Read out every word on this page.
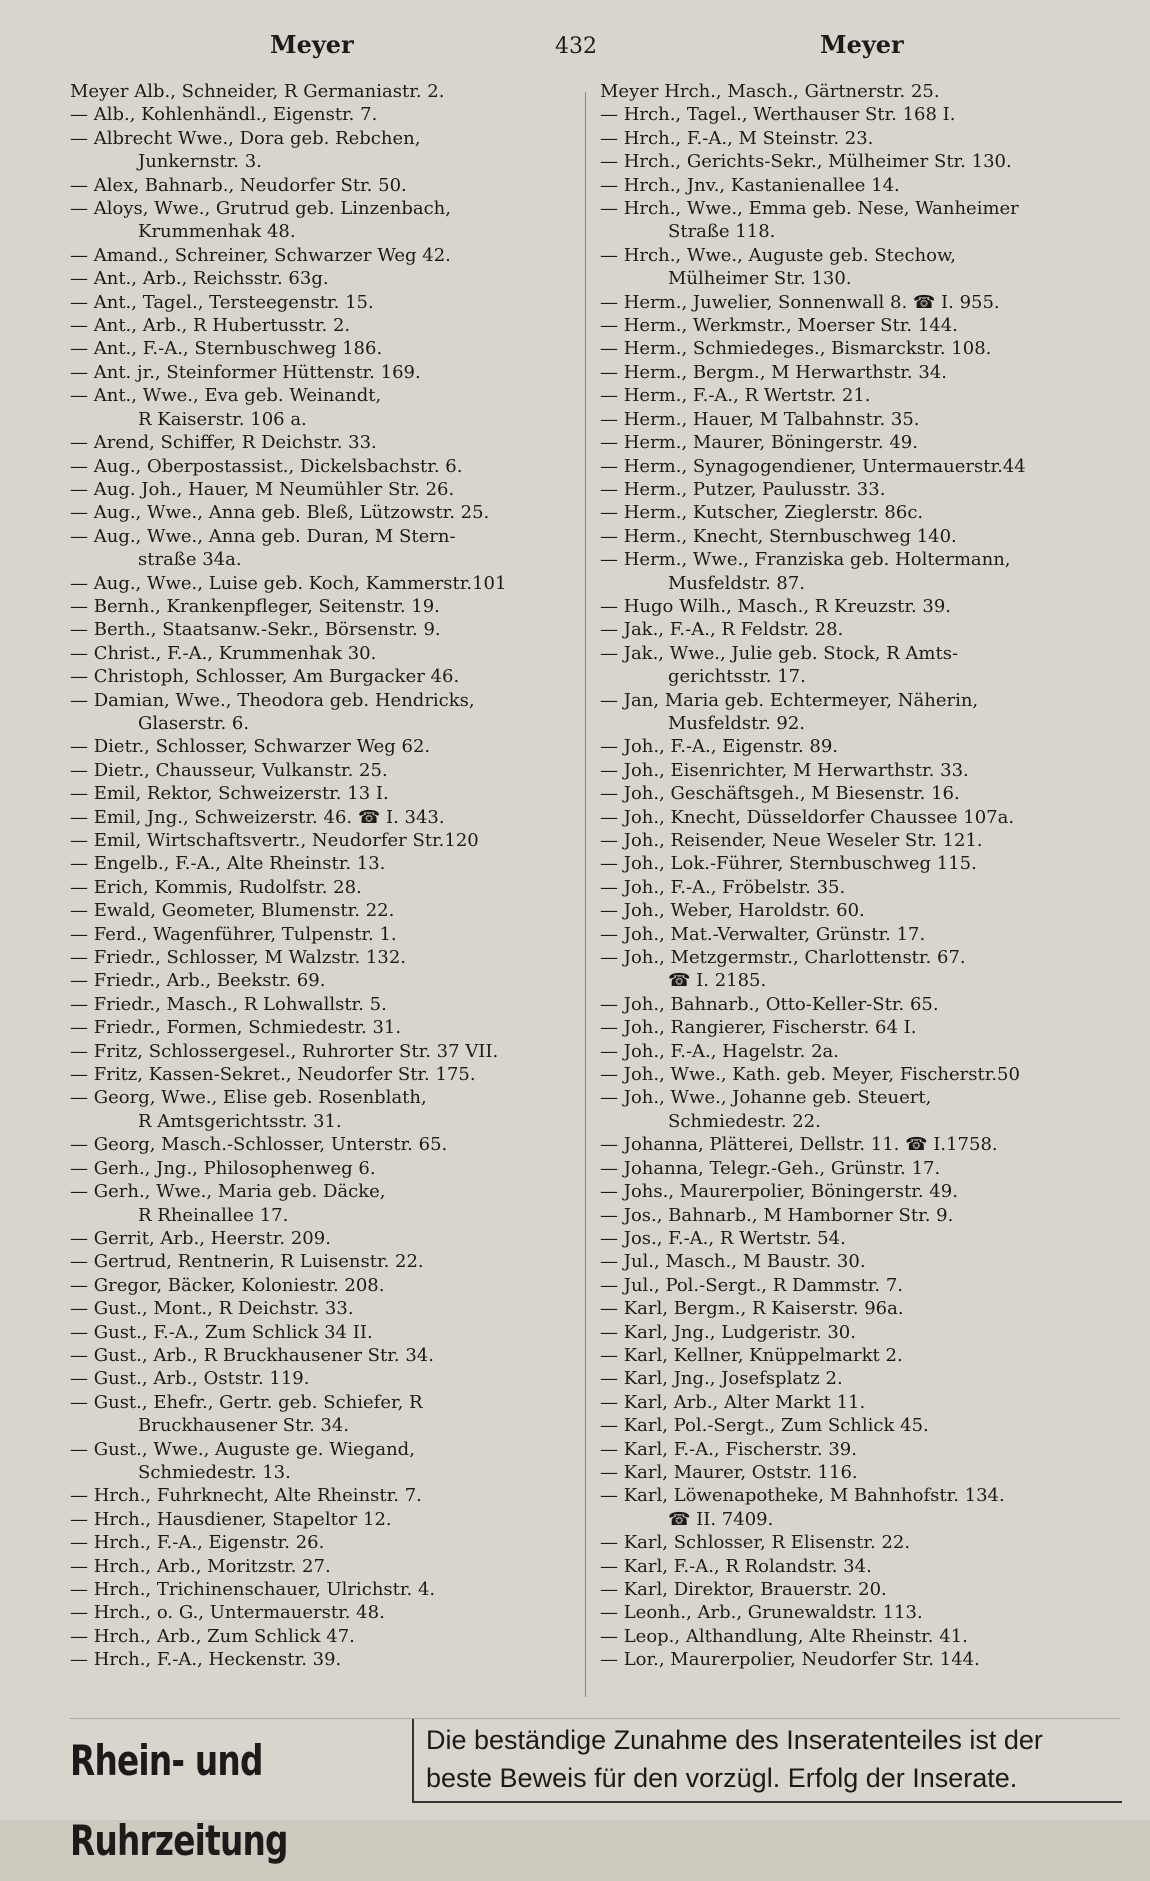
Meyer	432	Meyer
Meyer Alb., Schneider, R Germaniastr. 2.
— Alb., Kohlenhändl., Eigenstr. 7.
— Albrecht Wwe., Dora geb. Rebchen,
Junkernstr. 3.
— Alex, Bahnarb., Neudorfer Str. 50.
— Aloys, Wwe., Grutrud geb. Linzenbach,
Krummenhak 48.
— Amand., Schreiner, Schwarzer Weg 42.
— Ant., Arb., Reichsstr. 63g.
— Ant., Tagel., Tersteegenstr. 15.
— Ant., Arb., R Hubertusstr. 2.
— Ant., F.-A., Sternbuschweg 186.
— Ant. jr., Steinformer Hüttenstr. 169.
— Ant., Wwe., Eva geb. Weinandt,
R Kaiserstr. 106 a.
— Arend, Schiffer, R Deichstr. 33.
— Aug., Oberpostassist., Dickelsbachstr. 6.
— Aug. Joh., Hauer, M Neumühler Str. 26.
— Aug., Wwe., Anna geb. Bleß, Lützowstr. 25.
— Aug., Wwe., Anna geb. Duran, M Stern-
straße 34a.
— Aug., Wwe., Luise geb. Koch, Kammerstr.101
— Bernh., Krankenpfleger, Seitenstr. 19.
— Berth., Staatsanw.-Sekr., Börsenstr. 9.
— Christ., F.-A., Krummenhak 30.
— Christoph, Schlosser, Am Burgacker 46.
— Damian, Wwe., Theodora geb. Hendricks,
Glaserstr. 6.
— Dietr., Schlosser, Schwarzer Weg 62.
— Dietr., Chausseur, Vulkanstr. 25.
— Emil, Rektor, Schweizerstr. 13 I.
— Emil, Jng., Schweizerstr. 46. ☎ I. 343.
— Emil, Wirtschaftsvertr., Neudorfer Str.120
— Engelb., F.-A., Alte Rheinstr. 13.
— Erich, Kommis, Rudolfstr. 28.
— Ewald, Geometer, Blumenstr. 22.
— Ferd., Wagenführer, Tulpenstr. 1.
— Friedr., Schlosser, M Walzstr. 132.
— Friedr., Arb., Beekstr. 69.
— Friedr., Masch., R Lohwallstr. 5.
— Friedr., Formen, Schmiedestr. 31.
— Fritz, Schlossergesel., Ruhrorter Str. 37 VII.
— Fritz, Kassen-Sekret., Neudorfer Str. 175.
— Georg, Wwe., Elise geb. Rosenblath,
R Amtsgerichtsstr. 31.
— Georg, Masch.-Schlosser, Unterstr. 65.
— Gerh., Jng., Philosophenweg 6.
— Gerh., Wwe., Maria geb. Däcke,
R Rheinallee 17.
— Gerrit, Arb., Heerstr. 209.
— Gertrud, Rentnerin, R Luisenstr. 22.
— Gregor, Bäcker, Koloniestr. 208.
— Gust., Mont., R Deichstr. 33.
— Gust., F.-A., Zum Schlick 34 II.
— Gust., Arb., R Bruckhausener Str. 34.
— Gust., Arb., Oststr. 119.
— Gust., Ehefr., Gertr. geb. Schiefer, R
Bruckhausener Str. 34.
— Gust., Wwe., Auguste ge. Wiegand,
Schmiedestr. 13.
— Hrch., Fuhrknecht, Alte Rheinstr. 7.
— Hrch., Hausdiener, Stapeltor 12.
— Hrch., F.-A., Eigenstr. 26.
— Hrch., Arb., Moritzstr. 27.
— Hrch., Trichinenschauer, Ulrichstr. 4.
— Hrch., o. G., Untermauerstr. 48.
— Hrch., Arb., Zum Schlick 47.
— Hrch., F.-A., Heckenstr. 39.
Meyer Hrch., Masch., Gärtnerstr. 25.
— Hrch., Tagel., Werthauser Str. 168 I.
— Hrch., F.-A., M Steinstr. 23.
— Hrch., Gerichts-Sekr., Mülheimer Str. 130.
— Hrch., Jnv., Kastanienallee 14.
— Hrch., Wwe., Emma geb. Nese, Wanheimer
Straße 118.
— Hrch., Wwe., Auguste geb. Stechow,
Mülheimer Str. 130.
— Herm., Juwelier, Sonnenwall 8. ☎ I. 955.
— Herm., Werkmstr., Moerser Str. 144.
— Herm., Schmiedeges., Bismarckstr. 108.
— Herm., Bergm., M Herwarthstr. 34.
— Herm., F.-A., R Wertstr. 21.
— Herm., Hauer, M Talbahnstr. 35.
— Herm., Maurer, Böningerstr. 49.
— Herm., Synagogendiener, Untermauerstr.44
— Herm., Putzer, Paulusstr. 33.
— Herm., Kutscher, Zieglerstr. 86c.
— Herm., Knecht, Sternbuschweg 140.
— Herm., Wwe., Franziska geb. Holtermann,
Musfeldstr. 87.
— Hugo Wilh., Masch., R Kreuzstr. 39.
— Jak., F.-A., R Feldstr. 28.
— Jak., Wwe., Julie geb. Stock, R Amts-
gerichtsstr. 17.
— Jan, Maria geb. Echtermeyer, Näherin,
Musfeldstr. 92.
— Joh., F.-A., Eigenstr. 89.
— Joh., Eisenrichter, M Herwarthstr. 33.
— Joh., Geschäftsgeh., M Biesenstr. 16.
— Joh., Knecht, Düsseldorfer Chaussee 107a.
— Joh., Reisender, Neue Weseler Str. 121.
— Joh., Lok.-Führer, Sternbuschweg 115.
— Joh., F.-A., Fröbelstr. 35.
— Joh., Weber, Haroldstr. 60.
— Joh., Mat.-Verwalter, Grünstr. 17.
— Joh., Metzgermstr., Charlottenstr. 67.
☎ I. 2185.
— Joh., Bahnarb., Otto-Keller-Str. 65.
— Joh., Rangierer, Fischerstr. 64 I.
— Joh., F.-A., Hagelstr. 2a.
— Joh., Wwe., Kath. geb. Meyer, Fischerstr.50
— Joh., Wwe., Johanne geb. Steuert,
Schmiedestr. 22.
— Johanna, Plätterei, Dellstr. 11. ☎ I.1758.
— Johanna, Telegr.-Geh., Grünstr. 17.
— Johs., Maurerpolier, Böningerstr. 49.
— Jos., Bahnarb., M Hamborner Str. 9.
— Jos., F.-A., R Wertstr. 54.
— Jul., Masch., M Baustr. 30.
— Jul., Pol.-Sergt., R Dammstr. 7.
— Karl, Bergm., R Kaiserstr. 96a.
— Karl, Jng., Ludgeristr. 30.
— Karl, Kellner, Knüppelmarkt 2.
— Karl, Jng., Josefsplatz 2.
— Karl, Arb., Alter Markt 11.
— Karl, Pol.-Sergt., Zum Schlick 45.
— Karl, F.-A., Fischerstr. 39.
— Karl, Maurer, Oststr. 116.
— Karl, Löwenapotheke, M Bahnhofstr. 134.
☎ II. 7409.
— Karl, Schlosser, R Elisenstr. 22.
— Karl, F.-A., R Rolandstr. 34.
— Karl, Direktor, Brauerstr. 20.
— Leonh., Arb., Grunewaldstr. 113.
— Leop., Althandlung, Alte Rheinstr. 41.
— Lor., Maurerpolier, Neudorfer Str. 144.
Rhein- und Ruhrzeitung
Die beständige Zunahme des Inseratenteiles ist der
beste Beweis für den vorzügl. Erfolg der Inserate.
